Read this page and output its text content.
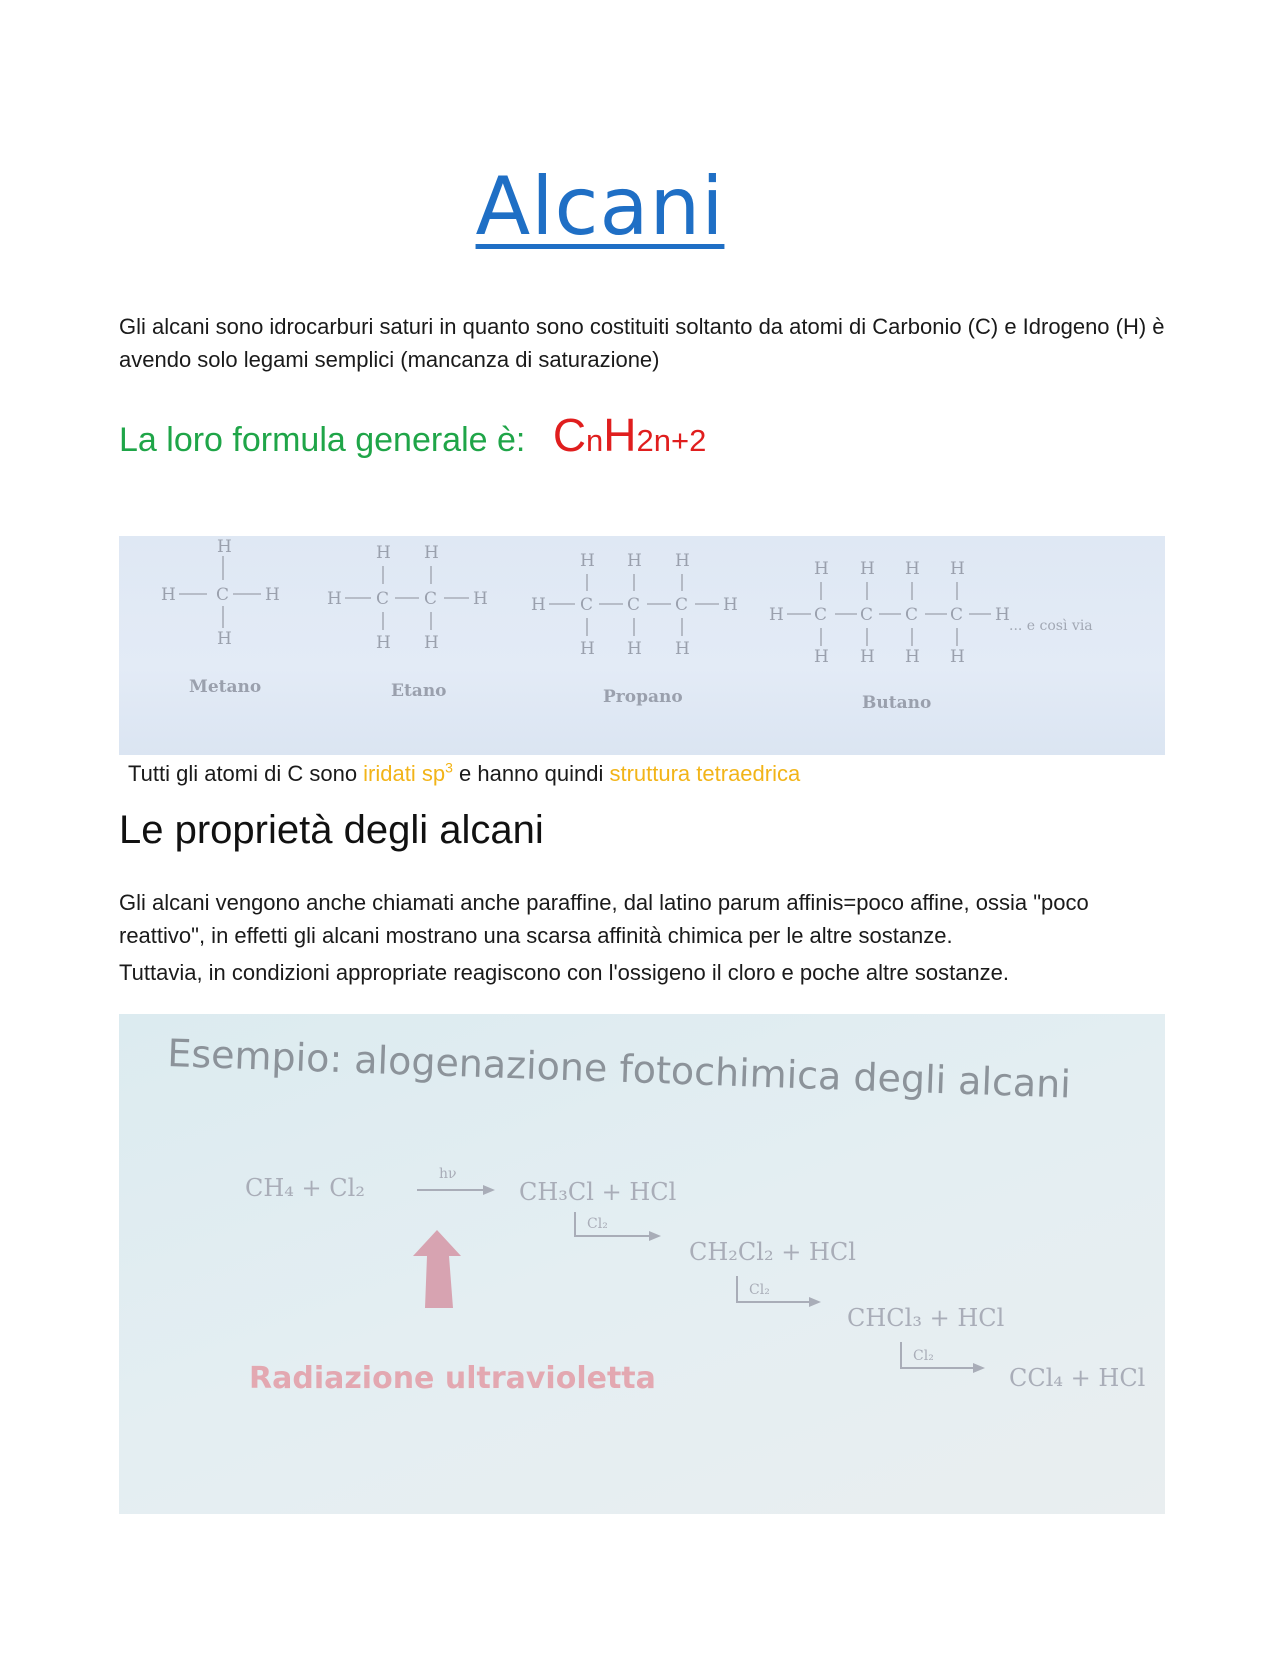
Alcani
Gli alcani sono idrocarburi saturi in quanto sono costituiti soltanto da atomi di Carbonio (C) e Idrogeno (H) è avendo solo legami semplici (mancanza di saturazione)
La loro formula generale è: CnH2n+2
H
H C H
H
H H
H C C H
H H
H H H
H C C C H
H H H
H H H H
H C C C C H
H H H H
... e così via
Metano	Etano	Propano	Butano
Tutti gli atomi di C sono iridati $sp^3$ e hanno quindi struttura tetraedrica
Le proprietà degli alcani
Gli alcani vengono anche chiamati anche paraffine, dal latino parum affinis=poco affine, ossia "poco reattivo", in effetti gli alcani mostrano una scarsa affinità chimica per le altre sostanze.
Tuttavia, in condizioni appropriate reagiscono con l'ossigeno il cloro e poche altre sostanze.
Esempio: alogenazione fotochimica degli alcani
CH₄ + Cl₂	hν
CH₃Cl + HCl
Cl₂
CH₂Cl₂ + HCl
Cl₂
CHCl₃ + HCl
Cl₂
CCl₄ + HCl
Radiazione ultravioletta
